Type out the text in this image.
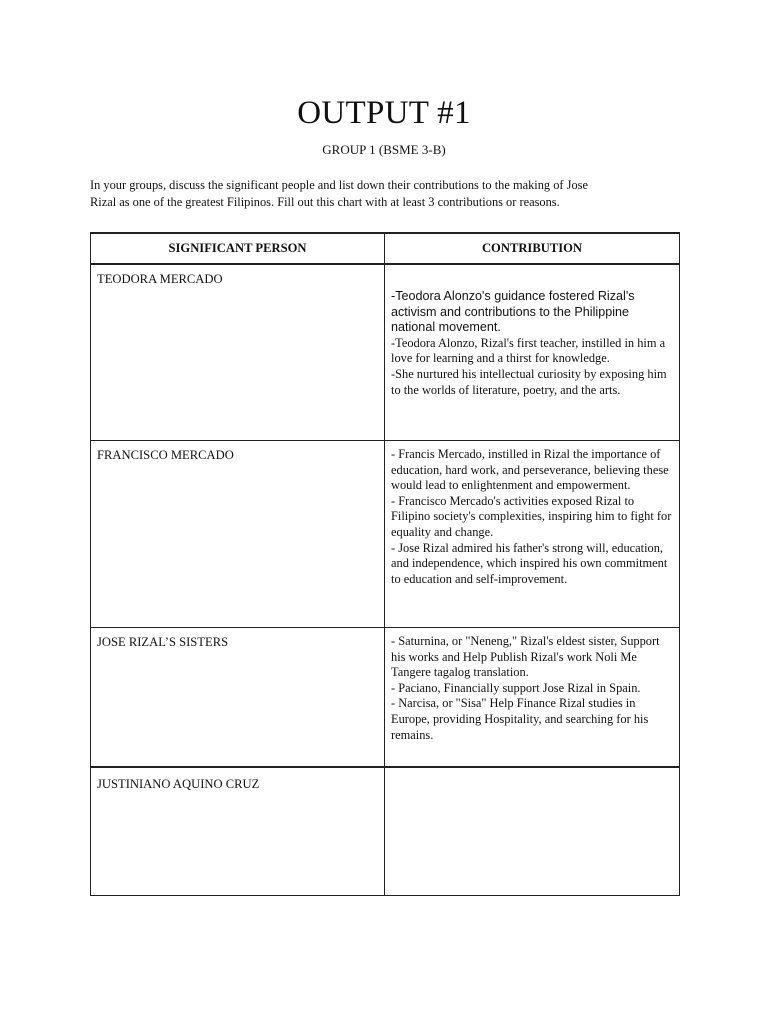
OUTPUT #1
GROUP 1 (BSME 3-B)
In your groups, discuss the significant people and list down their contributions to the making of Jose
Rizal as one of the greatest Filipinos. Fill out this chart with at least 3 contributions or reasons.
SIGNIFICANT PERSON	CONTRIBUTION
TEODORA MERCADO	-Teodora Alonzo's guidance fostered Rizal's activism and contributions to the Philippine national movement.

-Teodora Alonzo, Rizal's first teacher, instilled in him a love for learning and a thirst for knowledge.

-She nurtured his intellectual curiosity by exposing him to the worlds of literature, poetry, and the arts.

FRANCISCO MERCADO	- Francis Mercado, instilled in Rizal the importance of education, hard work, and perseverance, believing these would lead to enlightenment and empowerment.

- Francisco Mercado's activities exposed Rizal to Filipino society's complexities, inspiring him to fight for equality and change.

- Jose Rizal admired his father's strong will, education, and independence, which inspired his own commitment to education and self-improvement.

JOSE RIZAL’S SISTERS	- Saturnina, or "Neneng," Rizal's eldest sister, Support his works and Help Publish Rizal's work Noli Me Tangere tagalog translation.

- Paciano, Financially support Jose Rizal in Spain.

- Narcisa, or "Sisa" Help Finance Rizal studies in Europe, providing Hospitality, and searching for his remains.

JUSTINIANO AQUINO CRUZ	
